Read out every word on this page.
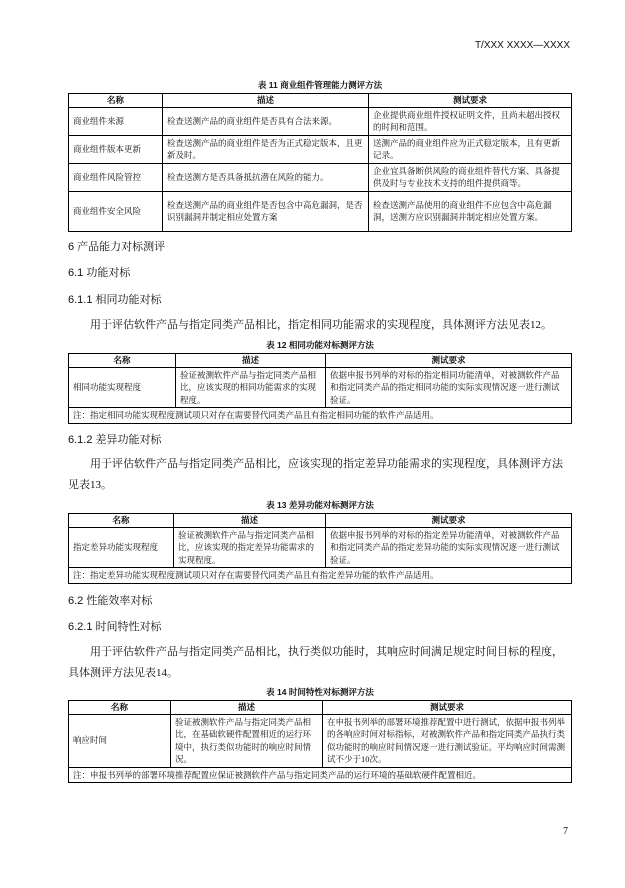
T/XXX XXXX—XXXX
表 11 商业组件管理能力测评方法
名称	描述	测试要求
商业组件来源	检查送测产品的商业组件是否具有合法来源。	企业提供商业组件授权证明文件，且尚未超出授权的时间和范围。
商业组件版本更新	检查送测产品的商业组件是否为正式稳定版本，且更新及时。	送测产品的商业组件应为正式稳定版本，且有更新记录。
商业组件风险管控	检查送测方是否具备抵抗潜在风险的能力。	企业宜具备断供风险的商业组件替代方案、具备提供及时与专业技术支持的组件提供商等。
商业组件安全风险	检查送测产品的商业组件是否包含中高危漏洞，是否识别漏洞并制定相应处置方案	检查送测产品使用的商业组件不应包含中高危漏洞，送测方应识别漏洞并制定相应处置方案。
6 产品能力对标测评
6.1 功能对标
6.1.1 相同功能对标
用于评估软件产品与指定同类产品相比，指定相同功能需求的实现程度，具体测评方法见表12。
表 12 相同功能对标测评方法
名称	描述	测试要求
相同功能实现程度	验证被测软件产品与指定同类产品相比，应该实现的相同功能需求的实现程度。	依据申报书列举的对标的指定相同功能清单，对被测软件产品和指定同类产品的指定相同功能的实际实现情况逐一进行测试验证。
注：指定相同功能实现程度测试项只对存在需要替代同类产品且有指定相同功能的软件产品适用。		
6.1.2 差异功能对标
用于评估软件产品与指定同类产品相比，应该实现的指定差异功能需求的实现程度，具体测评方法见表13。
表 13 差异功能对标测评方法
名称	描述	测试要求
指定差异功能实现程度	验证被测软件产品与指定同类产品相比，应该实现的指定差异功能需求的实现程度。	依据申报书列举的对标的指定差异功能清单，对被测软件产品和指定同类产品的指定差异功能的实际实现情况逐一进行测试验证。
注：指定差异功能实现程度测试项只对存在需要替代同类产品且有指定差异功能的软件产品适用。		
6.2 性能效率对标
6.2.1 时间特性对标
用于评估软件产品与指定同类产品相比，执行类似功能时，其响应时间满足规定时间目标的程度，具体测评方法见表14。
表 14 时间特性对标测评方法
名称	描述	测试要求
响应时间	验证被测软件产品与指定同类产品相比，在基础软硬件配置相近的运行环境中，执行类似功能时的响应时间情况。	在申报书列举的部署环境推荐配置中进行测试，依据申报书列举的各响应时间对标指标，对被测软件产品和指定同类产品执行类似功能时的响应时间情况逐一进行测试验证。平均响应时间需测试不少于10次。
注：申报书列举的部署环境推荐配置应保证被测软件产品与指定同类产品的运行环境的基础软硬件配置相近。		
7
